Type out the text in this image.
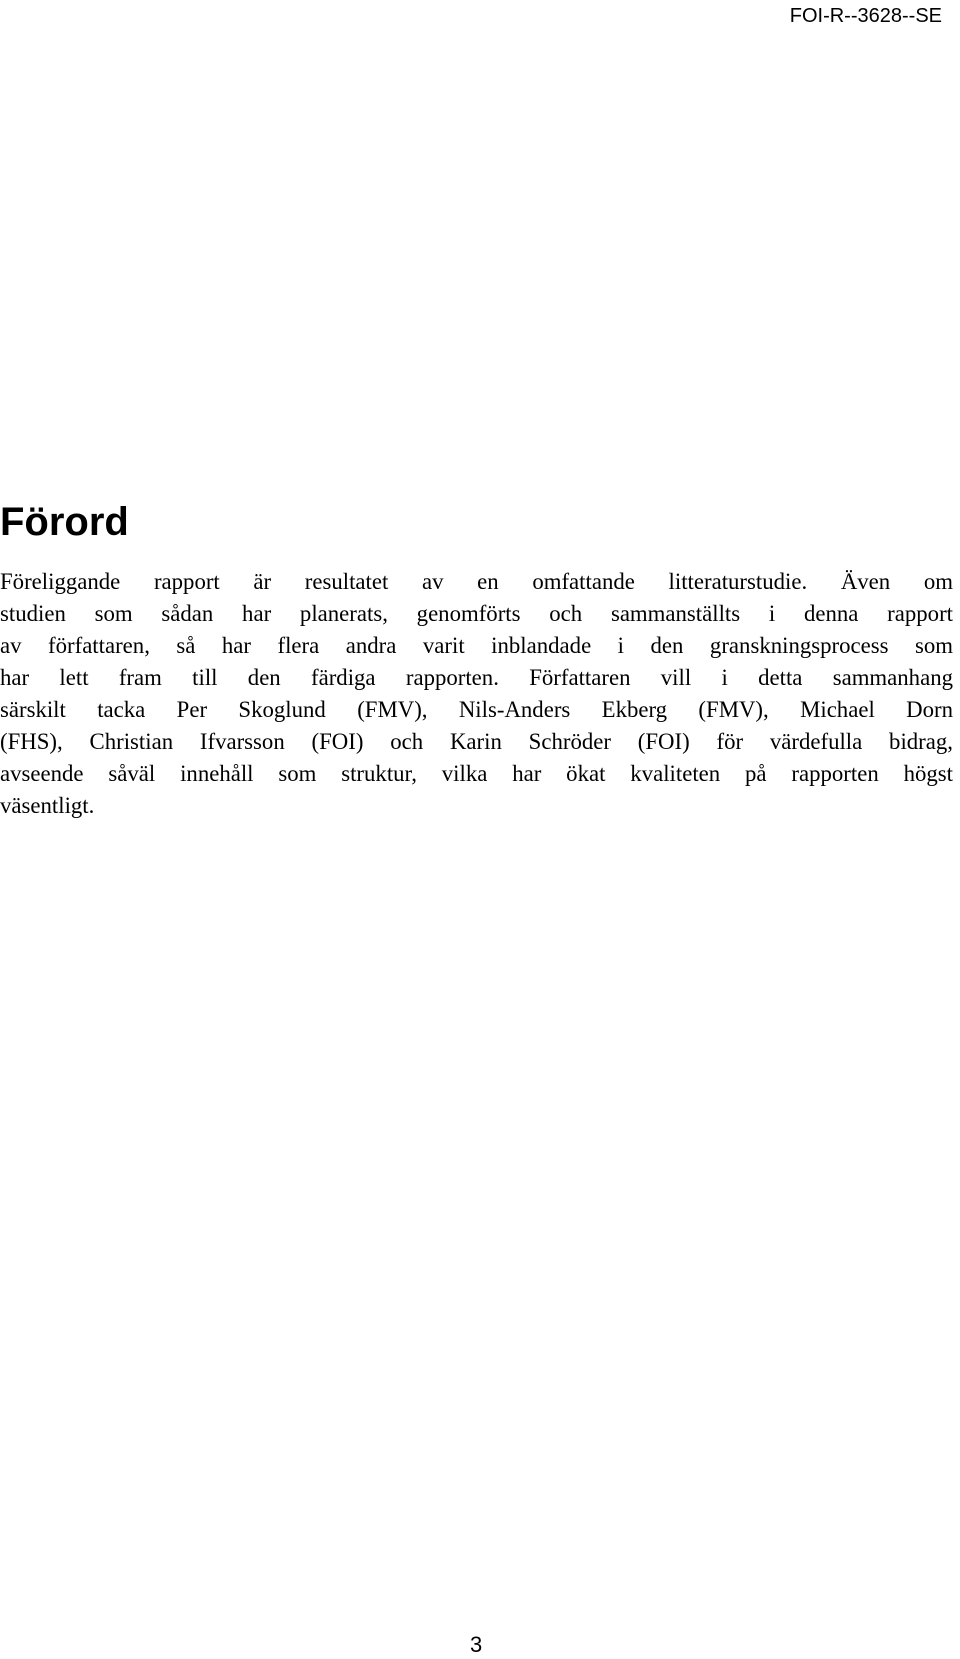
FOI-R--3628--SE
Förord
Föreliggande rapport är resultatet av en omfattande litteraturstudie. Även om
studien som sådan har planerats, genomförts och sammanställts i denna rapport
av författaren, så har flera andra varit inblandade i den granskningsprocess som
har lett fram till den färdiga rapporten. Författaren vill i detta sammanhang
särskilt tacka Per Skoglund (FMV), Nils-Anders Ekberg (FMV), Michael Dorn
(FHS), Christian Ifvarsson (FOI) och Karin Schröder (FOI) för värdefulla bidrag,
avseende såväl innehåll som struktur, vilka har ökat kvaliteten på rapporten högst
väsentligt.
3
